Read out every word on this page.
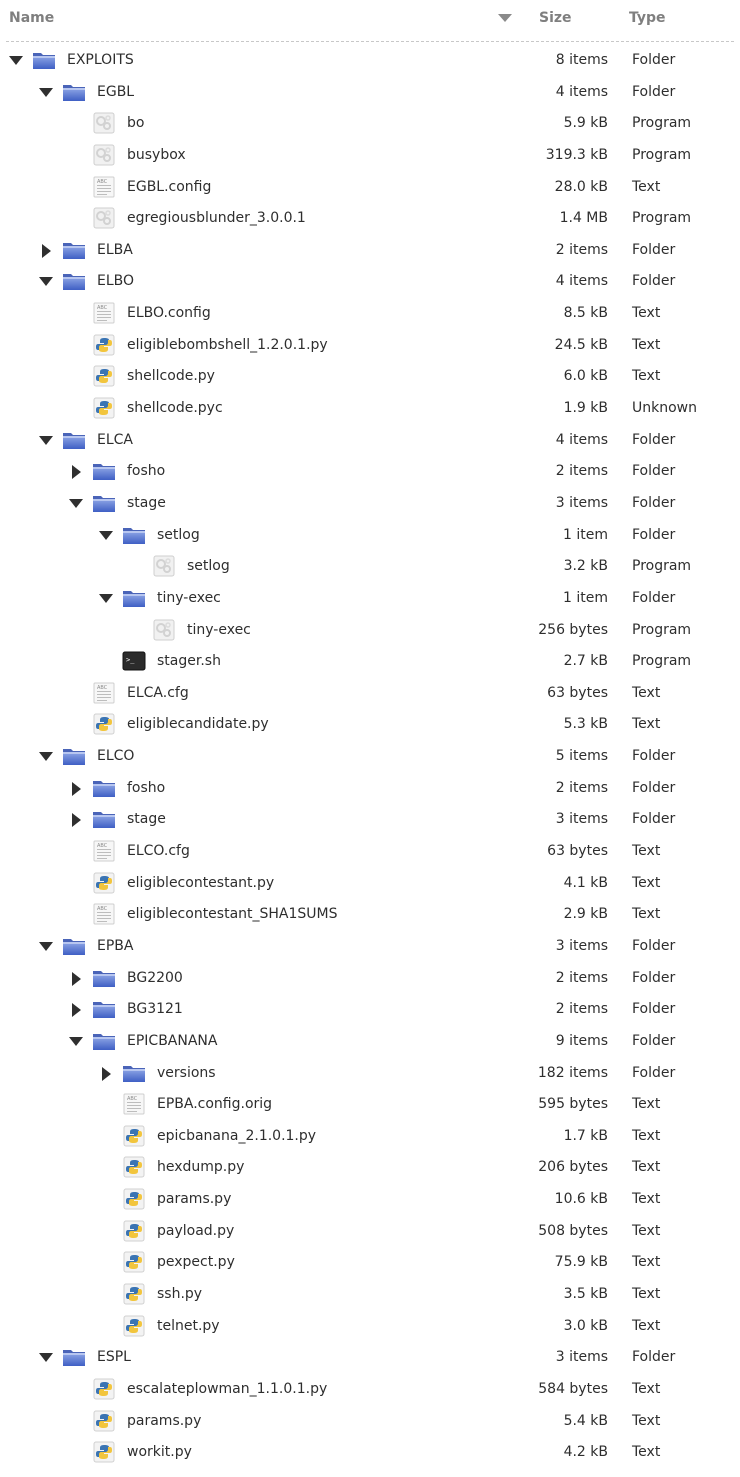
Name	Size	Type
EXPLOITS	8 items Folder
EGBL	4 items Folder
bo	5.9 kB Program
busybox	319.3 kB Program
ABC EGBL.config	28.0 kB Text
egregiousblunder_3.0.0.1	1.4 MB Program
ELBA	2 items Folder
ELBO	4 items Folder
ABC ELBO.config	8.5 kB Text
eligiblebombshell_1.2.0.1.py	24.5 kB Text
shellcode.py	6.0 kB Text
shellcode.pyc	1.9 kB Unknown
ELCA	4 items Folder
fosho	2 items Folder
stage	3 items Folder
setlog	1 item Folder
setlog	3.2 kB Program
tiny-exec	1 item Folder
tiny-exec	256 bytes Program
>_ stager.sh	2.7 kB Program
ABC ELCA.cfg	63 bytes Text
eligiblecandidate.py	5.3 kB Text
ELCO	5 items Folder
fosho	2 items Folder
stage	3 items Folder
ABC ELCO.cfg	63 bytes Text
eligiblecontestant.py	4.1 kB Text
ABC eligiblecontestant_SHA1SUMS	2.9 kB Text
EPBA	3 items Folder
BG2200	2 items Folder
BG3121	2 items Folder
EPICBANANA	9 items Folder
versions	182 items Folder
ABC EPBA.config.orig	595 bytes Text
epicbanana_2.1.0.1.py	1.7 kB Text
hexdump.py	206 bytes Text
params.py	10.6 kB Text
payload.py	508 bytes Text
pexpect.py	75.9 kB Text
ssh.py	3.5 kB Text
telnet.py	3.0 kB Text
ESPL	3 items Folder
escalateplowman_1.1.0.1.py	584 bytes Text
params.py	5.4 kB Text
workit.py	4.2 kB Text
